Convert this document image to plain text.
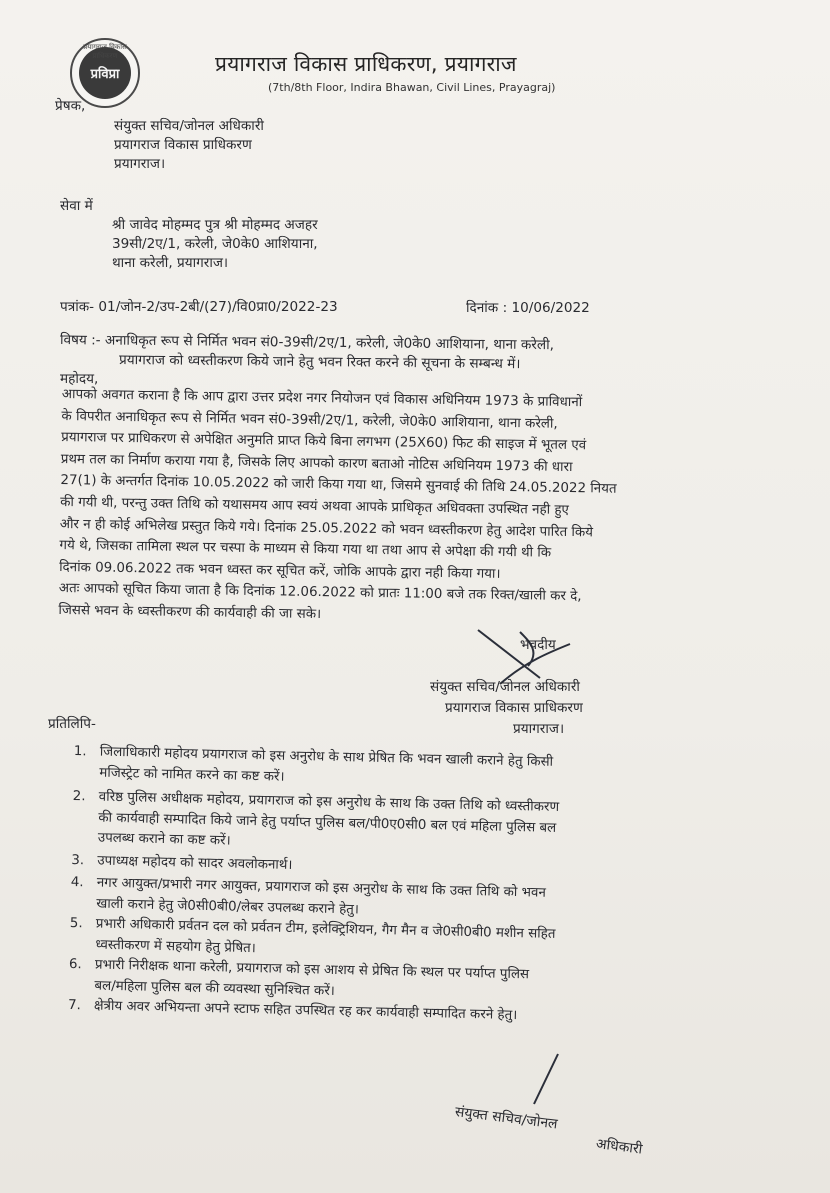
प्रयागराज विकास प्राधिकरण
प्रविप्रा	प्रयागराज विकास प्राधिकरण, प्रयागराज
(7th/8th Floor, Indira Bhawan, Civil Lines, Prayagraj)
प्रेषक,
संयुक्त सचिव/जोनल अधिकारी
प्रयागराज विकास प्राधिकरण
प्रयागराज।
सेवा में
श्री जावेद मोहम्मद पुत्र श्री मोहम्मद अजहर
39सी/2ए/1, करेली, जे0के0 आशियाना,
थाना करेली, प्रयागराज।
पत्रांक- 01/जोन-2/उप-2बी/(27)/वि0प्रा0/2022-23	दिनांक : 10/06/2022
विषय :- अनाधिकृत रूप से निर्मित भवन सं0-39सी/2ए/1, करेली, जे0के0 आशियाना, थाना करेली,
प्रयागराज को ध्वस्तीकरण किये जाने हेतु भवन रिक्त करने की सूचना के सम्बन्ध में।
महोदय,
आपको अवगत कराना है कि आप द्वारा उत्तर प्रदेश नगर नियोजन एवं विकास अधिनियम 1973 के प्राविधानों
के विपरीत अनाधिकृत रूप से निर्मित भवन सं0-39सी/2ए/1, करेली, जे0के0 आशियाना, थाना करेली,
प्रयागराज पर प्राधिकरण से अपेक्षित अनुमति प्राप्त किये बिना लगभग (25X60) फिट की साइज में भूतल एवं
प्रथम तल का निर्माण कराया गया है, जिसके लिए आपको कारण बताओ नोटिस अधिनियम 1973 की धारा
27(1) के अन्तर्गत दिनांक 10.05.2022 को जारी किया गया था, जिसमे सुनवाई की तिथि 24.05.2022 नियत
की गयी थी, परन्तु उक्त तिथि को यथासमय आप स्वयं अथवा आपके प्राधिकृत अधिवक्ता उपस्थित नही हुए
और न ही कोई अभिलेख प्रस्तुत किये गये। दिनांक 25.05.2022 को भवन ध्वस्तीकरण हेतु आदेश पारित किये
गये थे, जिसका तामिला स्थल पर चस्पा के माध्यम से किया गया था तथा आप से अपेक्षा की गयी थी कि
दिनांक 09.06.2022 तक भवन ध्वस्त कर सूचित करें, जोकि आपके द्वारा नही किया गया।
अतः आपको सूचित किया जाता है कि दिनांक 12.06.2022 को प्रातः 11:00 बजे तक रिक्त/खाली कर दे,
जिससे भवन के ध्वस्तीकरण की कार्यवाही की जा सके।
भवदीय
संयुक्त सचिव/जोनल अधिकारी
प्रयागराज विकास प्राधिकरण
प्रयागराज।
प्रतिलिपि-
1. जिलाधिकारी महोदय प्रयागराज को इस अनुरोध के साथ प्रेषित कि भवन खाली कराने हेतु किसी
मजिस्ट्रेट को नामित करने का कष्ट करें।
2. वरिष्ठ पुलिस अधीक्षक महोदय, प्रयागराज को इस अनुरोध के साथ कि उक्त तिथि को ध्वस्तीकरण
की कार्यवाही सम्पादित किये जाने हेतु पर्याप्त पुलिस बल/पी0ए0सी0 बल एवं महिला पुलिस बल
उपलब्ध कराने का कष्ट करें।
3. उपाध्यक्ष महोदय को सादर अवलोकनार्थ।
4. नगर आयुक्त/प्रभारी नगर आयुक्त, प्रयागराज को इस अनुरोध के साथ कि उक्त तिथि को भवन
खाली कराने हेतु जे0सी0बी0/लेबर उपलब्ध कराने हेतु।
5. प्रभारी अधिकारी प्रर्वतन दल को प्रर्वतन टीम, इलेक्ट्रिशियन, गैग मैन व जे0सी0बी0 मशीन सहित
ध्वस्तीकरण में सहयोग हेतु प्रेषित।
6. प्रभारी निरीक्षक थाना करेली, प्रयागराज को इस आशय से प्रेषित कि स्थल पर पर्याप्त पुलिस
बल/महिला पुलिस बल की व्यवस्था सुनिश्चित करें।
7. क्षेत्रीय अवर अभियन्ता अपने स्टाफ सहित उपस्थित रह कर कार्यवाही सम्पादित करने हेतु।
संयुक्त सचिव/जोनल
अधिकारी
